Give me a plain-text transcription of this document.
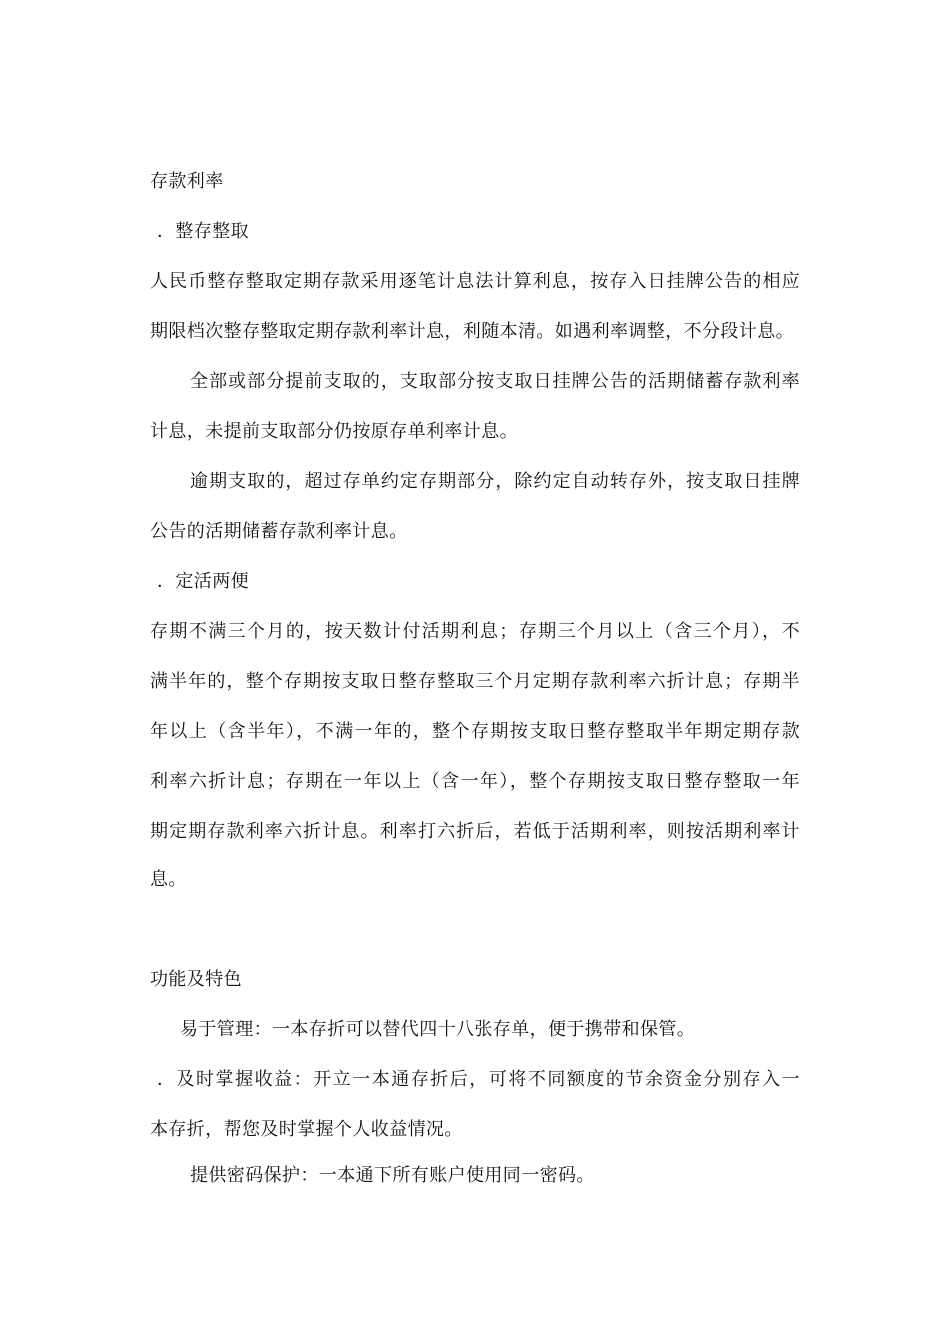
存款利率
．整存整取
人民币整存整取定期存款采用逐笔计息法计算利息，按存入日挂牌公告的相应
期限档次整存整取定期存款利率计息，利随本清。如遇利率调整，不分段计息。
全部或部分提前支取的，支取部分按支取日挂牌公告的活期储蓄存款利率
计息，未提前支取部分仍按原存单利率计息。
逾期支取的，超过存单约定存期部分，除约定自动转存外，按支取日挂牌
公告的活期储蓄存款利率计息。
．定活两便
存期不满三个月的，按天数计付活期利息；存期三个月以上（含三个月），不
满半年的，整个存期按支取日整存整取三个月定期存款利率六折计息；存期半
年以上（含半年），不满一年的，整个存期按支取日整存整取半年期定期存款
利率六折计息；存期在一年以上（含一年），整个存期按支取日整存整取一年
期定期存款利率六折计息。利率打六折后，若低于活期利率，则按活期利率计
息。
功能及特色
易于管理：一本存折可以替代四十八张存单，便于携带和保管。
．及时掌握收益：开立一本通存折后，可将不同额度的节余资金分别存入一
本存折，帮您及时掌握个人收益情况。
提供密码保护：一本通下所有账户使用同一密码。
